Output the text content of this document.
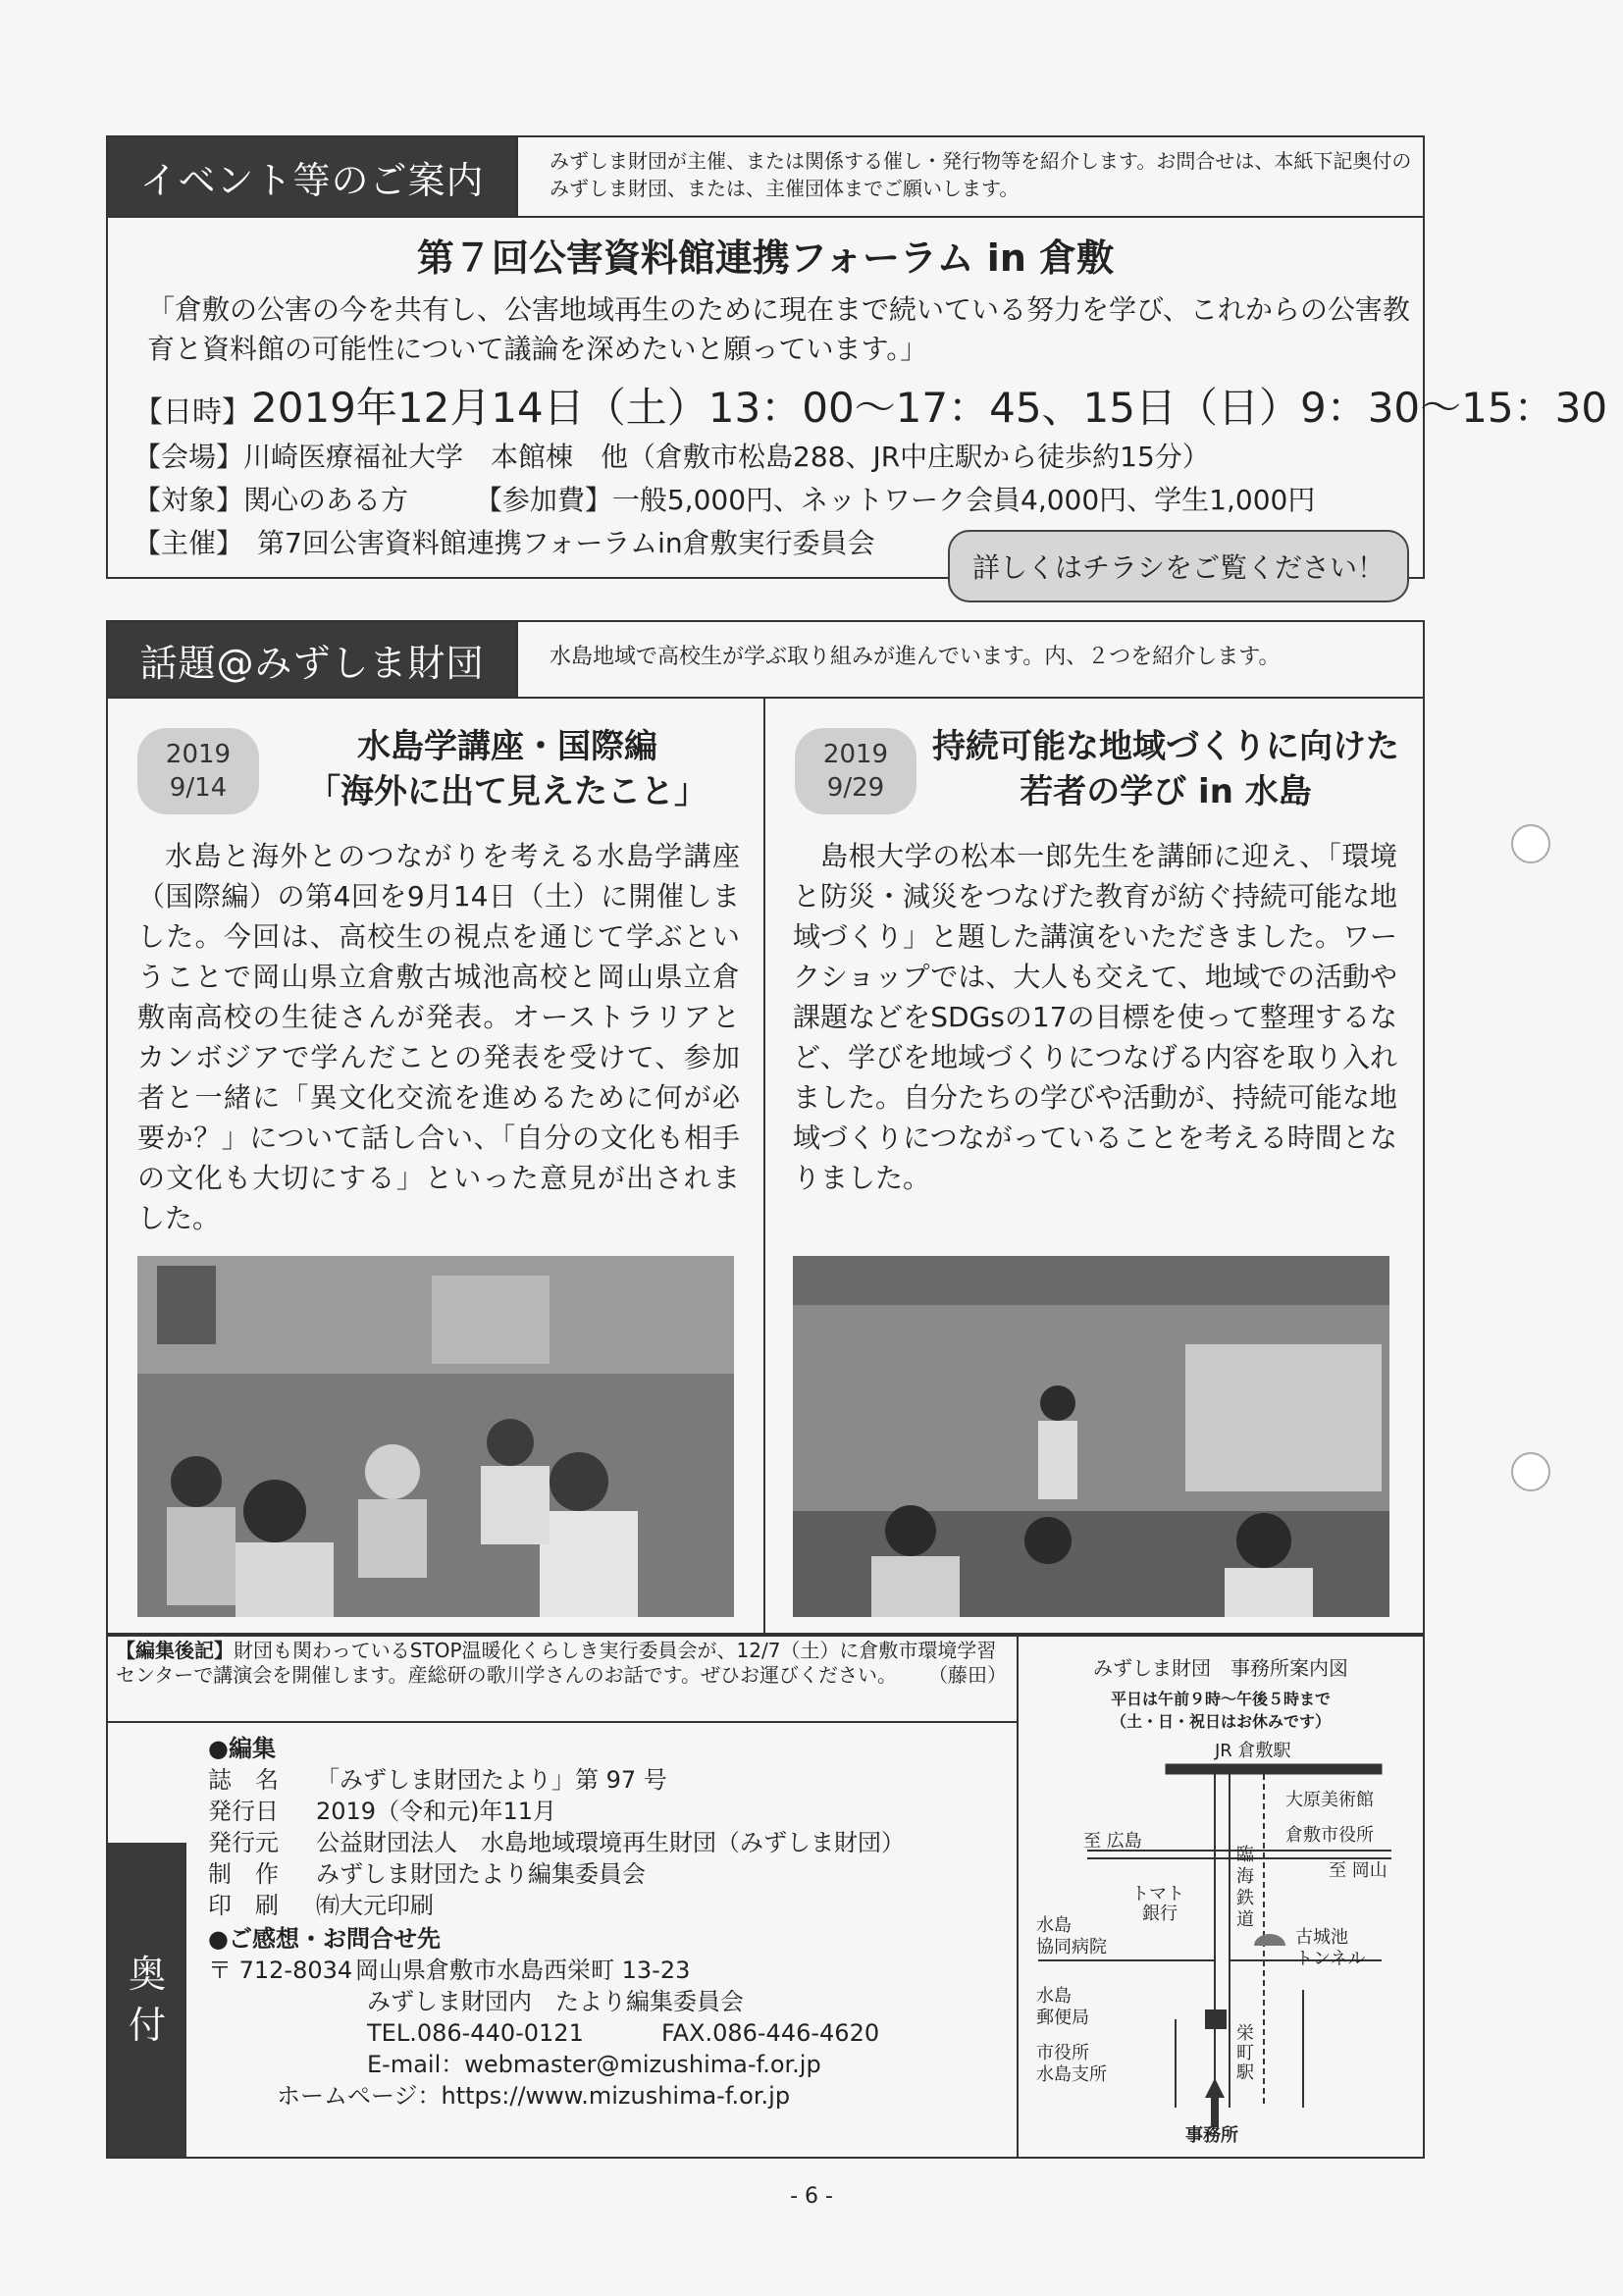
イベント等のご案内	みずしま財団が主催、または関係する催し・発行物等を紹介します。お問合せは、本紙下記奥付のみずしま財団、または、主催団体までご願いします。
第７回公害資料館連携フォーラム in 倉敷
「倉敷の公害の今を共有し、公害地域再生のために現在まで続いている努力を学び、これからの公害教育と資料館の可能性について議論を深めたいと願っています。」
【日時】2019年12月14日（土）13：00〜17：45、15日（日）9：30〜15：30
【会場】川崎医療福祉大学　本館棟　他（倉敷市松島288、JR中庄駅から徒歩約15分）
【対象】関心のある方 【参加費】一般5,000円、ネットワーク会員4,000円、学生1,000円
【主催】 第7回公害資料館連携フォーラムin倉敷実行委員会
詳しくはチラシをご覧ください！
話題@みずしま財団	水島地域で高校生が学ぶ取り組みが進んでいます。内、２つを紹介します。
2019
9/14
水島学講座・国際編
「海外に出て見えたこと」
水島と海外とのつながりを考える水島学講座（国際編）の第4回を9月14日（土）に開催しました。今回は、高校生の視点を通じて学ぶということで岡山県立倉敷古城池高校と岡山県立倉敷南高校の生徒さんが発表。オーストラリアとカンボジアで学んだことの発表を受けて、参加者と一緒に「異文化交流を進めるために何が必要か？」について話し合い、「自分の文化も相手の文化も大切にする」といった意見が出されました。
2019
9/29
持続可能な地域づくりに向けた
若者の学び in 水島
島根大学の松本一郎先生を講師に迎え、「環境と防災・減災をつなげた教育が紡ぐ持続可能な地域づくり」と題した講演をいただきました。ワークショップでは、大人も交えて、地域での活動や課題などをSDGsの17の目標を使って整理するなど、学びを地域づくりにつなげる内容を取り入れました。自分たちの学びや活動が、持続可能な地域づくりにつながっていることを考える時間となりました。
【編集後記】財団も関わっているSTOP温暖化くらしき実行委員会が、12/7（土）に倉敷市環境学習センターで講演会を開催します。産総研の歌川学さんのお話です。ぜひお運びください。	（藤田）
奥
付
●編集
誌　名	「みずしま財団たより」第 97 号
発行日	2019（令和元)年11月
発行元	公益財団法人　水島地域環境再生財団（みずしま財団）
制　作	みずしま財団たより編集委員会
印　刷	㈲大元印刷
●ご感想・お問合せ先
〒 712-8034 岡山県倉敷市水島西栄町 13-23
みずしま財団内　たより編集委員会
TEL.086-440-0121	FAX.086-446-4620
E-mail：webmaster@mizushima-f.or.jp
ホームページ：https://www.mizushima-f.or.jp
みずしま財団　事務所案内図
平日は午前９時〜午後５時まで
（土・日・祝日はお休みです）
JR 倉敷駅
大原美術館
倉敷市役所
至 広島
至 岡山
トマト
銀行
臨
海
鉄
道
水島
協同病院	古城池
トンネル
水島
郵便局
市役所
水島支所
栄
町
駅
事務所
- 6 -
